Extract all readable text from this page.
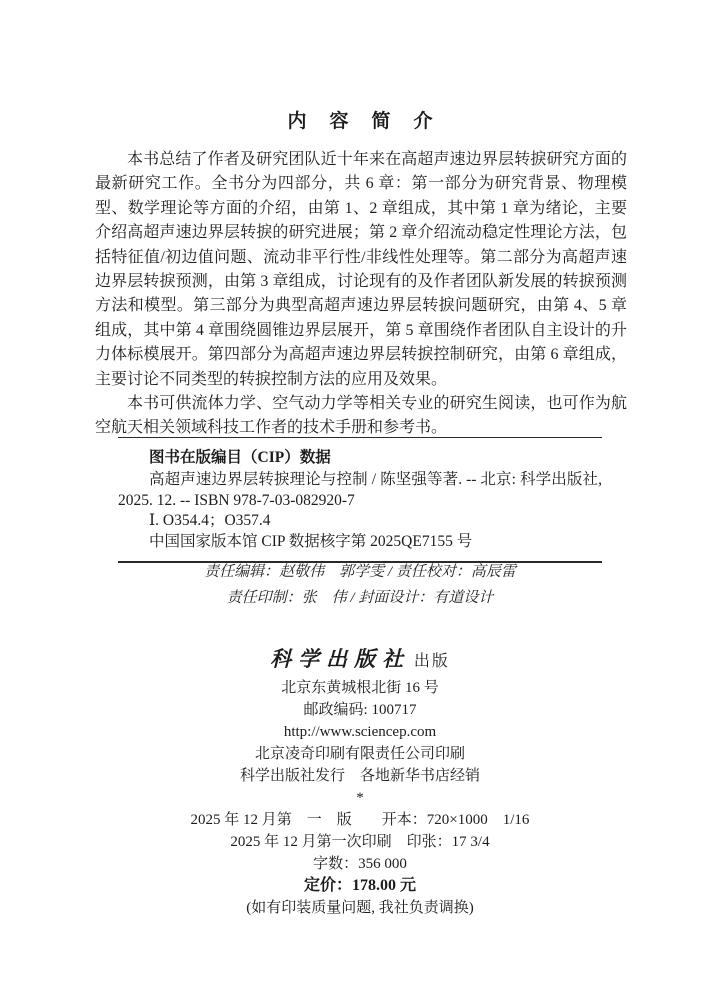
内　容　简　介

本书总结了作者及研究团队近十年来在高超声速边界层转捩研究方面的最新研究工作。全书分为四部分，共 6 章：第一部分为研究背景、物理模型、数学理论等方面的介绍，由第 1、2 章组成，其中第 1 章为绪论，主要介绍高超声速边界层转捩的研究进展；第 2 章介绍流动稳定性理论方法，包括特征值/初边值问题、流动非平行性/非线性处理等。第二部分为高超声速边界层转捩预测，由第 3 章组成，讨论现有的及作者团队新发展的转捩预测方法和模型。第三部分为典型高超声速边界层转捩问题研究，由第 4、5 章组成，其中第 4 章围绕圆锥边界层展开，第 5 章围绕作者团队自主设计的升力体标模展开。第四部分为高超声速边界层转捩控制研究，由第 6 章组成，主要讨论不同类型的转捩控制方法的应用及效果。

本书可供流体力学、空气动力学等相关专业的研究生阅读，也可作为航空航天相关领域科技工作者的技术手册和参考书。

图书在版编目（CIP）数据

高超声速边界层转捩理论与控制 / 陈坚强等著. -- 北京: 科学出版社, 2025. 12. -- ISBN 978-7-03-082920-7

Ⅰ. O354.4；O357.4

中国国家版本馆 CIP 数据核字第 2025QE7155 号

责任编辑：赵敬伟　郭学雯 / 责任校对：高辰雷
责任印制：张　伟 / 封面设计：有道设计
科学出版社 出版
北京东黄城根北街 16 号
邮政编码: 100717
http://www.sciencep.com
北京凌奇印刷有限责任公司印刷
科学出版社发行　各地新华书店经销
*
2025 年 12 月第　一　版　　开本：720×1000　1/16
2025 年 12 月第一次印刷　印张：17 3/4
字数：356 000
定价：178.00 元
(如有印装质量问题, 我社负责调换)
